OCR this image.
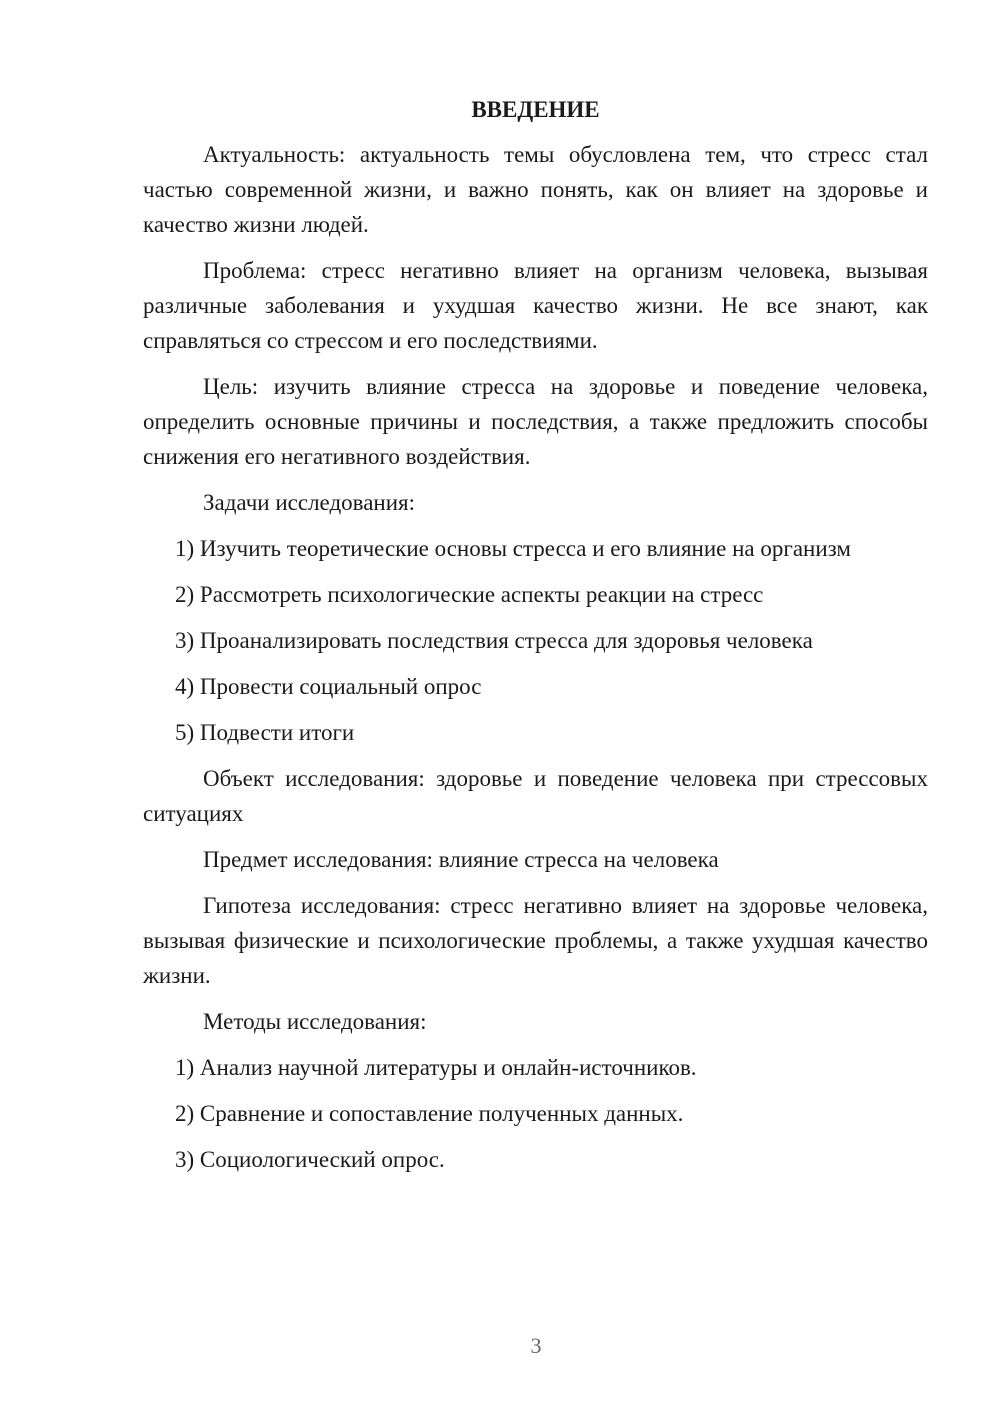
ВВЕДЕНИЕ

Актуальность: актуальность темы обусловлена тем, что стресс стал частью современной жизни, и важно понять, как он влияет на здоровье и качество жизни людей.

Проблема: стресс негативно влияет на организм человека, вызывая различные заболевания и ухудшая качество жизни. Не все знают, как справляться со стрессом и его последствиями.

Цель: изучить влияние стресса на здоровье и поведение человека, определить основные причины и последствия, а также предложить способы снижения его негативного воздействия.

Задачи исследования:

1) Изучить теоретические основы стресса и его влияние на организм
2) Рассмотреть психологические аспекты реакции на стресс
3) Проанализировать последствия стресса для здоровья человека
4) Провести социальный опрос
5) Подвести итоги

Объект исследования: здоровье и поведение человека при стрессовых ситуациях

Предмет исследования: влияние стресса на человека

Гипотеза исследования: стресс негативно влияет на здоровье человека, вызывая физические и психологические проблемы, а также ухудшая качество жизни.

Методы исследования:

1) Анализ научной литературы и онлайн-источников.
2) Сравнение и сопоставление полученных данных.
3) Социологический опрос.
3
